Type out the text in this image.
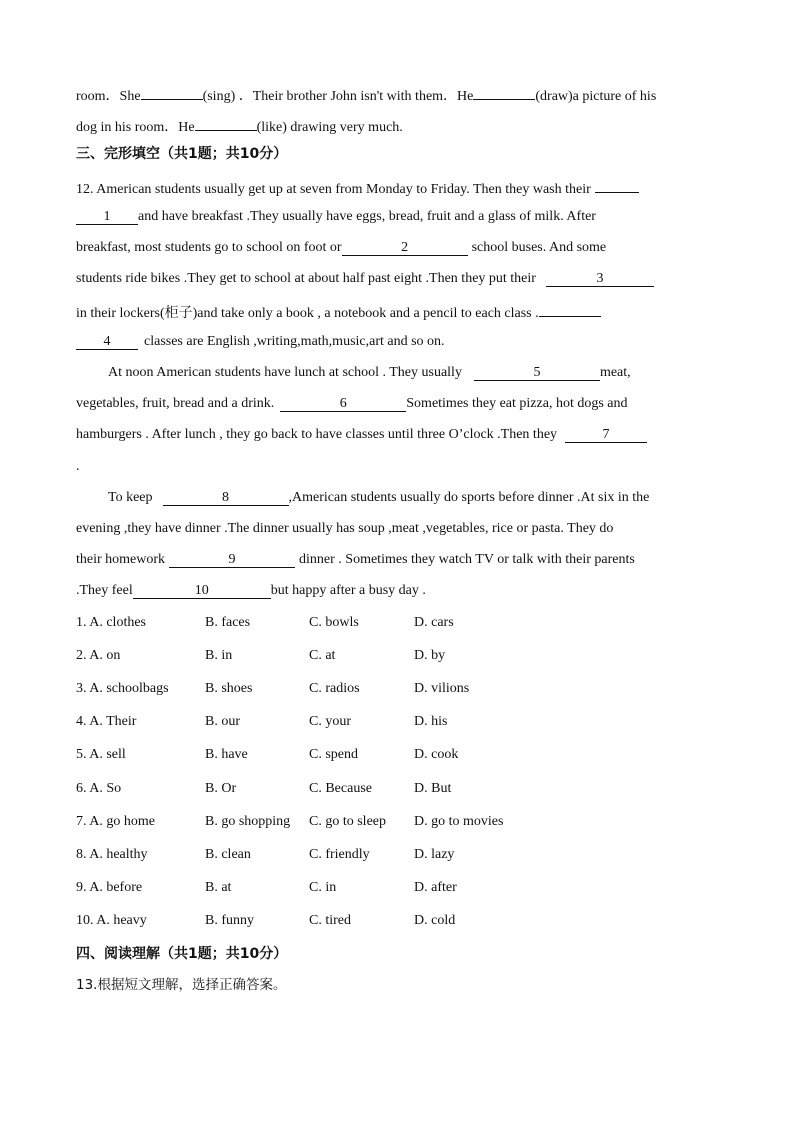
room．She	(sing) ．Their brother John isn't with them．He	(draw)a picture of his
dog in his room．He	(like) drawing very much.
三、完形填空（共1题；共10分）
12. American students usually get up at seven from Monday to Friday. Then they wash their
1 and have breakfast .They usually have eggs, bread, fruit and a glass of milk. After
breakfast, most students go to school on foot or	2	school buses. And some
students ride bikes .They get to school at about half past eight .Then they put their	3
in their lockers(柜子)and take only a book , a notebook and a pencil to each class .
4 classes are English ,writing,math,music,art and so on.
At noon American students have lunch at school . They usually	5	meat,
vegetables, fruit, bread and a drink.	6	Sometimes they eat pizza, hot dogs and
hamburgers . After lunch , they go back to have classes until three O’clock .Then they	7
.
To keep	8	,American students usually do sports before dinner .At six in the
evening ,they have dinner .The dinner usually has soup ,meat ,vegetables, rice or pasta. They do
their homework	9	dinner . Sometimes they watch TV or talk with their parents
.They feel	10	but happy after a busy day .
1. A. clothes	B. faces	C. bowls	D. cars
2. A. on	B. in	C. at	D. by
3. A. schoolbags	B. shoes	C. radios	D. vilions
4. A. Their	B. our	C. your	D. his
5. A. sell	B. have	C. spend	D. cook
6. A. So	B. Or	C. Because	D. But
7. A. go home	B. go shopping C. go to sleep D. go to movies
8. A. healthy	B. clean	C. friendly	D. lazy
9. A. before	B. at	C. in	D. after
10. A. heavy	B. funny	C. tired	D. cold
四、阅读理解（共1题；共10分）
13.根据短文理解，选择正确答案。
